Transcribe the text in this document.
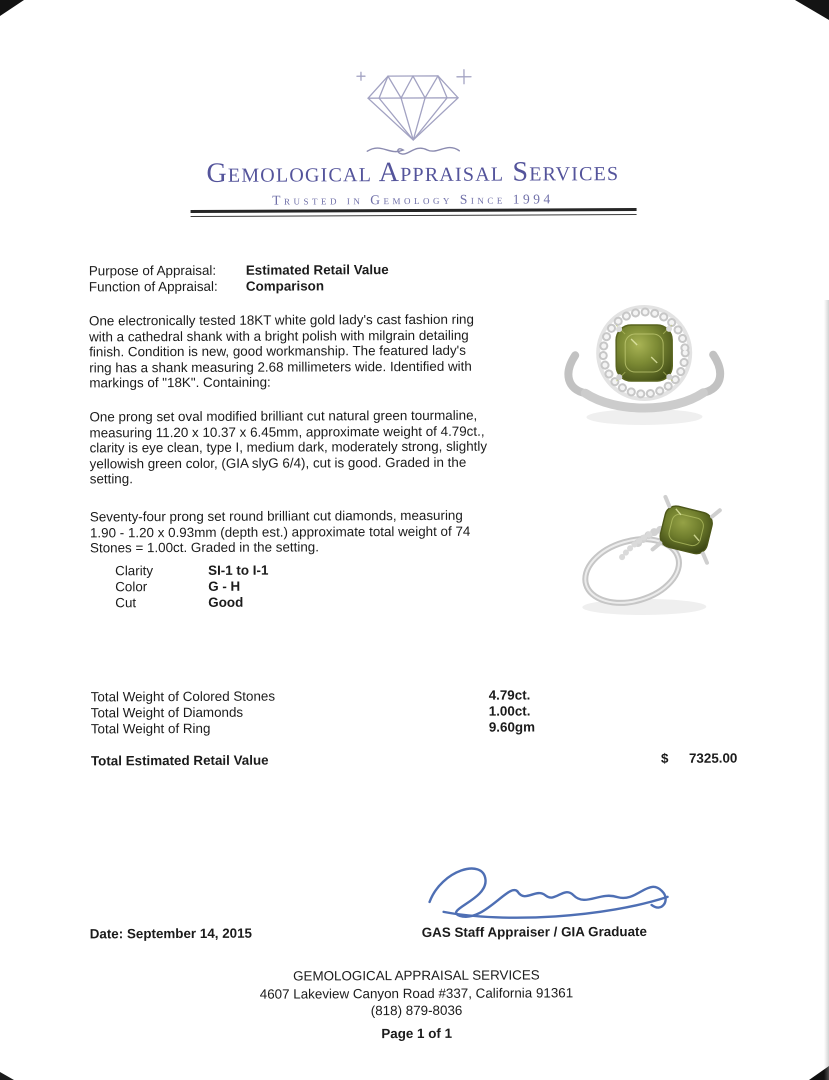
Gemological Appraisal Services
Trusted in Gemology Since 1994
Purpose of Appraisal:	Estimated Retail Value
Function of Appraisal:	Comparison
One electronically tested 18KT white gold lady's cast fashion ring with a cathedral shank with a bright polish with milgrain detailing finish. Condition is new, good workmanship. The featured lady's ring has a shank measuring 2.68 millimeters wide. Identified with markings of "18K". Containing:
One prong set oval modified brilliant cut natural green tourmaline, measuring 11.20 x 10.37 x 6.45mm, approximate weight of 4.79ct., clarity is eye clean, type I, medium dark, moderately strong, slightly yellowish green color, (GIA slyG 6/4), cut is good. Graded in the setting.
Seventy-four prong set round brilliant cut diamonds, measuring 1.90 - 1.20 x 0.93mm (depth est.) approximate total weight of 74 Stones = 1.00ct. Graded in the setting.
Clarity	SI-1 to I-1
Color	G - H
Cut	Good
Total Weight of Colored Stones	4.79ct.
Total Weight of Diamonds	1.00ct.
Total Weight of Ring	9.60gm
Total Estimated Retail Value	$ 7325.00
Date: September 14, 2015	GAS Staff Appraiser / GIA Graduate
GEMOLOGICAL APPRAISAL SERVICES
4607 Lakeview Canyon Road #337, California 91361
(818) 879-8036
Page 1 of 1
